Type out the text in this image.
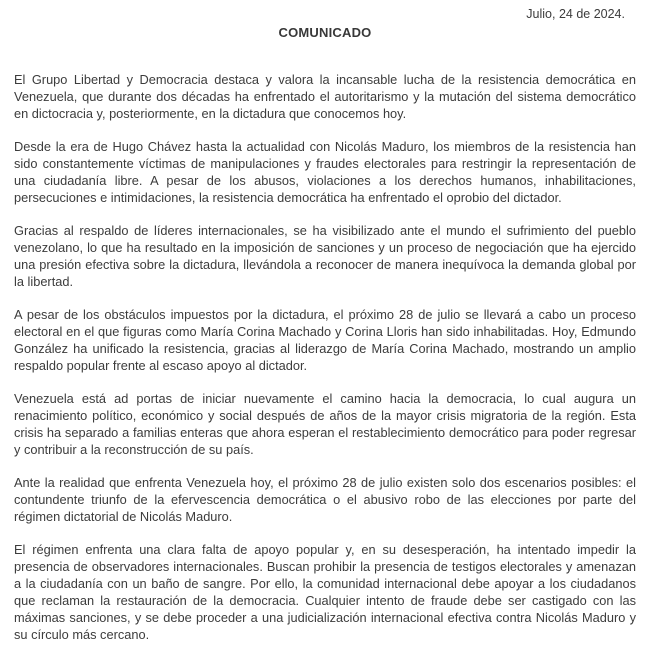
Julio, 24 de 2024.
COMUNICADO

El Grupo Libertad y Democracia destaca y valora la incansable lucha de la resistencia democrática en Venezuela, que durante dos décadas ha enfrentado el autoritarismo y la mutación del sistema democrático en dictocracia y, posteriormente, en la dictadura que conocemos hoy.

Desde la era de Hugo Chávez hasta la actualidad con Nicolás Maduro, los miembros de la resistencia han sido constantemente víctimas de manipulaciones y fraudes electorales para restringir la representación de una ciudadanía libre. A pesar de los abusos, violaciones a los derechos humanos, inhabilitaciones, persecuciones e intimidaciones, la resistencia democrática ha enfrentado el oprobio del dictador.

Gracias al respaldo de líderes internacionales, se ha visibilizado ante el mundo el sufrimiento del pueblo venezolano, lo que ha resultado en la imposición de sanciones y un proceso de negociación que ha ejercido una presión efectiva sobre la dictadura, llevándola a reconocer de manera inequívoca la demanda global por la libertad.

A pesar de los obstáculos impuestos por la dictadura, el próximo 28 de julio se llevará a cabo un proceso electoral en el que figuras como María Corina Machado y Corina Lloris han sido inhabilitadas. Hoy, Edmundo González ha unificado la resistencia, gracias al liderazgo de María Corina Machado, mostrando un amplio respaldo popular frente al escaso apoyo al dictador.

Venezuela está ad portas de iniciar nuevamente el camino hacia la democracia, lo cual augura un renacimiento político, económico y social después de años de la mayor crisis migratoria de la región. Esta crisis ha separado a familias enteras que ahora esperan el restablecimiento democrático para poder regresar y contribuir a la reconstrucción de su país.

Ante la realidad que enfrenta Venezuela hoy, el próximo 28 de julio existen solo dos escenarios posibles: el contundente triunfo de la efervescencia democrática o el abusivo robo de las elecciones por parte del régimen dictatorial de Nicolás Maduro.

El régimen enfrenta una clara falta de apoyo popular y, en su desesperación, ha intentado impedir la presencia de observadores internacionales. Buscan prohibir la presencia de testigos electorales y amenazan a la ciudadanía con un baño de sangre. Por ello, la comunidad internacional debe apoyar a los ciudadanos que reclaman la restauración de la democracia. Cualquier intento de fraude debe ser castigado con las máximas sanciones, y se debe proceder a una judicialización internacional efectiva contra Nicolás Maduro y su círculo más cercano.
